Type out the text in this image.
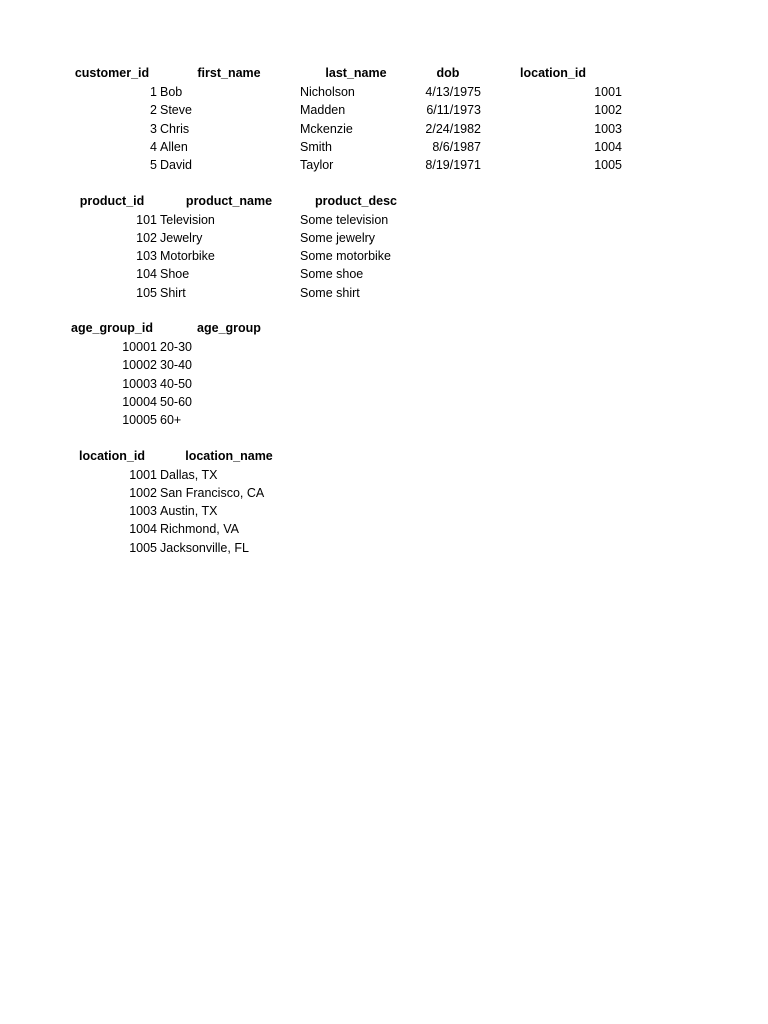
customer_id	first_name	last_name	dob	location_id
1 Bob	Nicholson	4/13/1975	1001
2 Steve	Madden	6/11/1973	1002
3 Chris	Mckenzie	2/24/1982	1003
4 Allen	Smith	8/6/1987	1004
5 David	Taylor	8/19/1971	1005
product_id	product_name	product_desc
101 Television	Some television
102 Jewelry	Some jewelry
103 Motorbike	Some motorbike
104 Shoe	Some shoe
105 Shirt	Some shirt
age_group_id	age_group
10001 20-30
10002 30-40
10003 40-50
10004 50-60
10005 60+
location_id	location_name
1001 Dallas, TX
1002 San Francisco, CA
1003 Austin, TX
1004 Richmond, VA
1005 Jacksonville, FL
